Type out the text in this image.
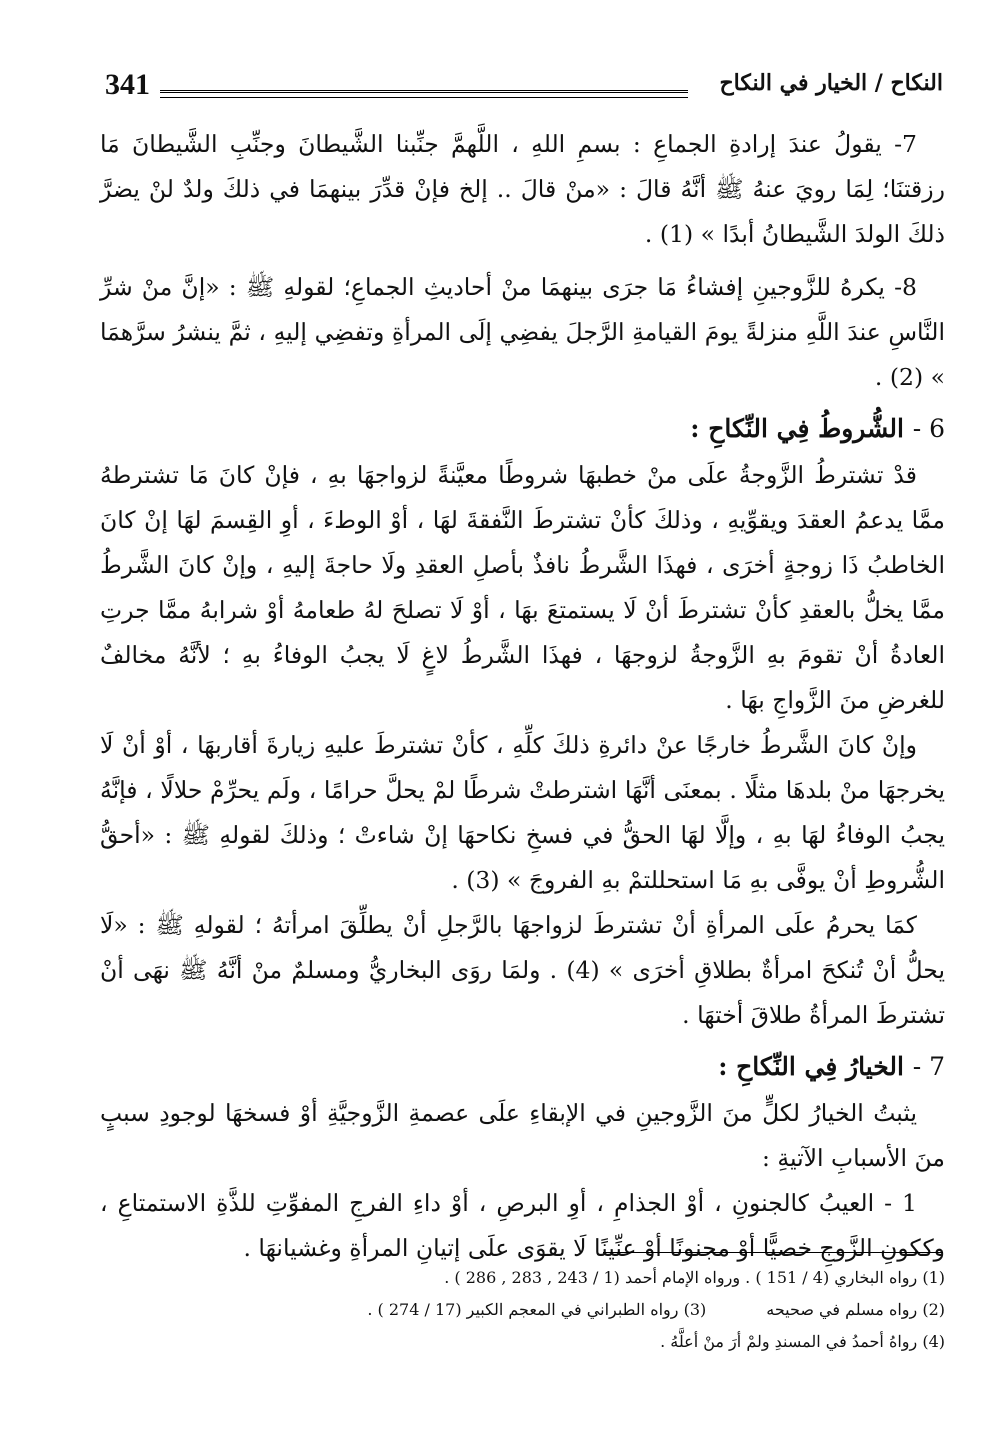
341	النكاح / الخيار في النكاح

7- يقولُ عندَ إرادةِ الجماعِ : بسمِ اللهِ ، اللَّهمَّ جنِّبنا الشَّيطانَ وجنِّبِ الشَّيطانَ مَا رزقتنَا؛ لِمَا رويَ عنهُ ﷺ أنَّهُ قالَ : «منْ قالَ .. إلخ فإنْ قدِّرَ بينهمَا في ذلكَ ولدٌ لنْ يضرَّ ذلكَ الولدَ الشَّيطانُ أبدًا » (1) .

8- يكرهُ للزَّوجينِ إفشاءُ مَا جرَى بينهمَا منْ أحاديثِ الجماعِ؛ لقولهِ ﷺ : «إنَّ منْ شرِّ النَّاسِ عندَ اللَّهِ منزلةً يومَ القيامةِ الرَّجلَ يفضِي إلَى المرأةِ وتفضِي إليهِ ، ثمَّ ينشرُ سرَّهمَا » (2) .

6 - الشُّروطُ فِي النِّكاحِ :

قدْ تشترطُ الزَّوجةُ علَى منْ خطبهَا شروطًا معيَّنةً لزواجهَا بهِ ، فإنْ كانَ مَا تشترطهُ ممَّا يدعمُ العقدَ ويقوِّيهِ ، وذلكَ كأنْ تشترطَ النَّفقةَ لهَا ، أوْ الوطءَ ، أوِ القِسمَ لهَا إنْ كانَ الخاطبُ ذَا زوجةٍ أخرَى ، فهذَا الشَّرطُ نافذٌ بأصلِ العقدِ ولَا حاجةَ إليهِ ، وإنْ كانَ الشَّرطُ ممَّا يخلُّ بالعقدِ كأنْ تشترطَ أنْ لَا يستمتعَ بهَا ، أوْ لَا تصلحَ لهُ طعامهُ أوْ شرابهُ ممَّا جرتِ العادةُ أنْ تقومَ بهِ الزَّوجةُ لزوجهَا ، فهذَا الشَّرطُ لاغٍ لَا يجبُ الوفاءُ بهِ ؛ لأنَّهُ مخالفٌ للغرضِ منَ الزَّواجِ بهَا .

وإنْ كانَ الشَّرطُ خارجًا عنْ دائرةِ ذلكَ كلِّهِ ، كأنْ تشترطَ عليهِ زيارةَ أقاربهَا ، أوْ أنْ لَا يخرجهَا منْ بلدهَا مثلًا . بمعنَى أنَّهَا اشترطتْ شرطًا لمْ يحلَّ حرامًا ، ولَم يحرِّمْ حلالًا ، فإنَّهُ يجبُ الوفاءُ لهَا بهِ ، وإلَّا لهَا الحقُّ في فسخِ نكاحهَا إنْ شاءتْ ؛ وذلكَ لقولهِ ﷺ : «أحقُّ الشُّروطِ أنْ يوفَّى بهِ مَا استحللتمْ بهِ الفروجَ » (3) .

كمَا يحرمُ علَى المرأةِ أنْ تشترطَ لزواجهَا بالرَّجلِ أنْ يطلِّقَ امرأتهُ ؛ لقولهِ ﷺ : «لَا يحلُّ أنْ تُنكحَ امرأةٌ بطلاقِ أخرَى » (4) . ولمَا روَى البخاريُّ ومسلمٌ منْ أنَّهُ ﷺ نهَى أنْ تشترطَ المرأةُ طلاقَ أختهَا .

7 - الخيارُ فِي النِّكاحِ :

يثبتُ الخيارُ لكلٍّ منَ الزَّوجينِ في الإبقاءِ علَى عصمةِ الزَّوجيَّةِ أوْ فسخهَا لوجودِ سببٍ منَ الأسبابِ الآتيةِ :

1 - العيبُ كالجنونِ ، أوْ الجذامِ ، أوِ البرصِ ، أوْ داءِ الفرجِ المفوِّتِ للذَّةِ الاستمتاعِ ، وككونِ الزَّوجِ خصيًّا أوْ مجنونًا أوْ عنِّينًا لَا يقوَى علَى إتيانِ المرأةِ وغشيانهَا .

(1) رواه البخاري (4 / 151 ) . ورواه الإمام أحمد (1 / 243 , 283 , 286 ) .
(2) رواه مسلم في صحيحه
(3) رواه الطبراني في المعجم الكبير (17 / 274 ) .
(4) رواهُ أحمدُ في المسندِ ولمْ أرَ منْ أعلَّهُ .
